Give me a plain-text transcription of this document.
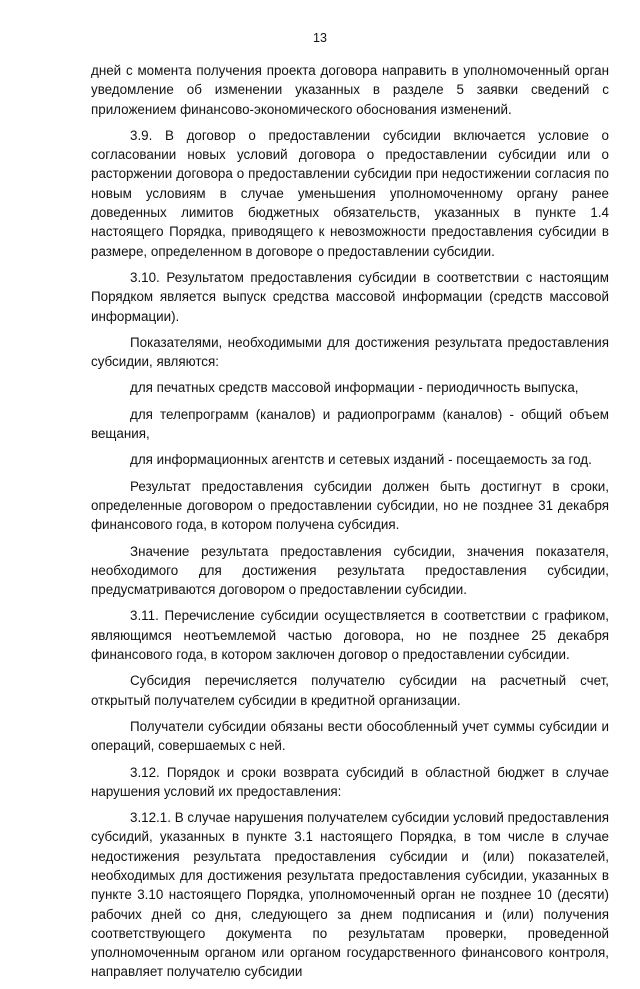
13

дней с момента получения проекта договора направить в уполномоченный орган уведомление об изменении указанных в разделе 5 заявки сведений с приложением финансово-экономического обоснования изменений.

3.9. В договор о предоставлении субсидии включается условие о согласовании новых условий договора о предоставлении субсидии или о расторжении договора о предоставлении субсидии при недостижении согласия по новым условиям в случае уменьшения уполномоченному органу ранее доведенных лимитов бюджетных обязательств, указанных в пункте 1.4 настоящего Порядка, приводящего к невозможности предоставления субсидии в размере, определенном в договоре о предоставлении субсидии.

3.10. Результатом предоставления субсидии в соответствии с настоящим Порядком является выпуск средства массовой информации (средств массовой информации).

Показателями, необходимыми для достижения результата предоставления субсидии, являются:

для печатных средств массовой информации - периодичность выпуска,

для телепрограмм (каналов) и радиопрограмм (каналов) - общий объем вещания,

для информационных агентств и сетевых изданий - посещаемость за год.

Результат предоставления субсидии должен быть достигнут в сроки, определенные договором о предоставлении субсидии, но не позднее 31 декабря финансового года, в котором получена субсидия.

Значение результата предоставления субсидии, значения показателя, необходимого для достижения результата предоставления субсидии, предусматриваются договором о предоставлении субсидии.

3.11. Перечисление субсидии осуществляется в соответствии с графиком, являющимся неотъемлемой частью договора, но не позднее 25 декабря финансового года, в котором заключен договор о предоставлении субсидии.

Субсидия перечисляется получателю субсидии на расчетный счет, открытый получателем субсидии в кредитной организации.

Получатели субсидии обязаны вести обособленный учет суммы субсидии и операций, совершаемых с ней.

3.12. Порядок и сроки возврата субсидий в областной бюджет в случае нарушения условий их предоставления:

3.12.1. В случае нарушения получателем субсидии условий предоставления субсидий, указанных в пункте 3.1 настоящего Порядка, в том числе в случае недостижения результата предоставления субсидии и (или) показателей, необходимых для достижения результата предоставления субсидии, указанных в пункте 3.10 настоящего Порядка, уполномоченный орган не позднее 10 (десяти) рабочих дней со дня, следующего за днем подписания и (или) получения соответствующего документа по результатам проверки, проведенной уполномоченным органом или органом государственного финансового контроля, направляет получателю субсидии
